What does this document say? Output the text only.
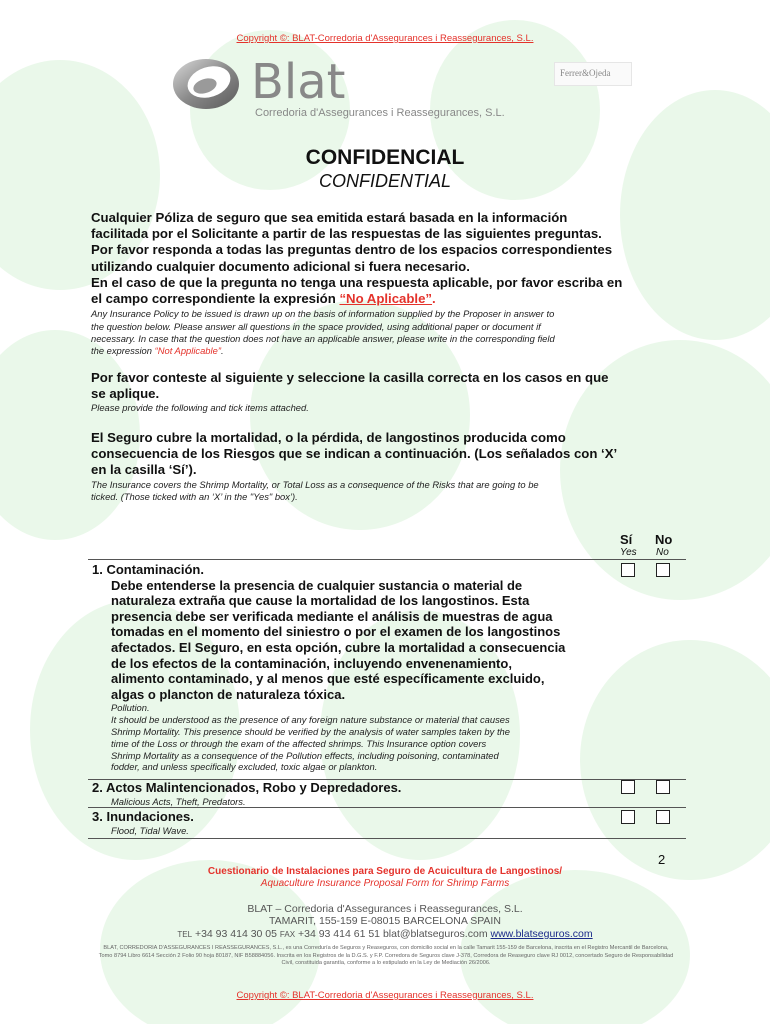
Copyright ©: BLAT-Corredoria d'Assegurances i Reassegurances, S.L.
Blat
Corredoria d'Assegurances i Reassegurances, S.L.
Ferrer&Ojeda
CONFIDENCIAL
CONFIDENTIAL
Cualquier Póliza de seguro que sea emitida estará basada en la información
facilitada por el Solicitante a partir de las respuestas de las siguientes preguntas.
Por favor responda a todas las preguntas dentro de los espacios correspondientes
utilizando cualquier documento adicional si fuera necesario.
En el caso de que la pregunta no tenga una respuesta aplicable, por favor escriba en
el campo correspondiente la expresión “No Aplicable”.
Any Insurance Policy to be issued is drawn up on the basis of information supplied by the Proposer in answer to
the question below. Please answer all questions in the space provided, using additional paper or document if
necessary. In case that the question does not have an applicable answer, please write in the corresponding field
the expression “Not Applicable”.
Por favor conteste al siguiente y seleccione la casilla correcta en los casos en que
se aplique.
Please provide the following and tick items attached.
El Seguro cubre la mortalidad, o la pérdida, de langostinos producida como
consecuencia de los Riesgos que se indican a continuación. (Los señalados con ‘X’
en la casilla ‘Sí’).
The Insurance covers the Shrimp Mortality, or Total Loss as a consequence of the Risks that are going to be
ticked. (Those ticked with an ‘X’ in the "Yes" box’).
Sí No
Yes No
1. Contaminación.
Debe entenderse la presencia de cualquier sustancia o material de
naturaleza extraña que cause la mortalidad de los langostinos. Esta
presencia debe ser verificada mediante el análisis de muestras de agua
tomadas en el momento del siniestro o por el examen de los langostinos
afectados. El Seguro, en esta opción, cubre la mortalidad a consecuencia
de los efectos de la contaminación, incluyendo envenenamiento,
alimento contaminado, y al menos que esté específicamente excluido,
algas o plancton de naturaleza tóxica.
Pollution.
It should be understood as the presence of any foreign nature substance or material that causes
Shrimp Mortality. This presence should be verified by the analysis of water samples taken by the
time of the Loss or through the exam of the affected shrimps. This Insurance option covers
Shrimp Mortality as a consequence of the Pollution effects, including poisoning, contaminated
fodder, and unless specifically excluded, toxic algae or plankton.
2. Actos Malintencionados, Robo y Depredadores.
Malicious Acts, Theft, Predators.
3. Inundaciones.
Flood, Tidal Wave.
2
Cuestionario de Instalaciones para Seguro de Acuicultura de Langostinos/
Aquaculture Insurance Proposal Form for Shrimp Farms
BLAT – Corredoria d'Assegurances i Reassegurances, S.L.
TAMARIT, 155-159 E-08015 BARCELONA SPAIN
TEL +34 93 414 30 05 FAX +34 93 414 61 51 blat@blatseguros.com www.blatseguros.com
BLAT, CORREDORIA D'ASSEGURANCES I REASSEGURANCES, S.L., es una Correduría de Seguros y Reaseguros, con domicilio social en la calle Tamarit 155-159 de Barcelona, inscrita en el Registro Mercantil de Barcelona, Tomo 8794 Libro 6614 Sección 2 Folio 90 hoja 80187, NIF B58884056. Inscrita en los Registros de la D.G.S. y F.P. Corredora de Seguros clave J-378, Corredora de Reaseguro clave RJ 0012, concertado Seguro de Responsabilidad Civil, constituida garantía, conforme a lo estipulado en la Ley de Mediación 26/2006.
Copyright ©: BLAT-Corredoria d'Assegurances i Reassegurances, S.L.
